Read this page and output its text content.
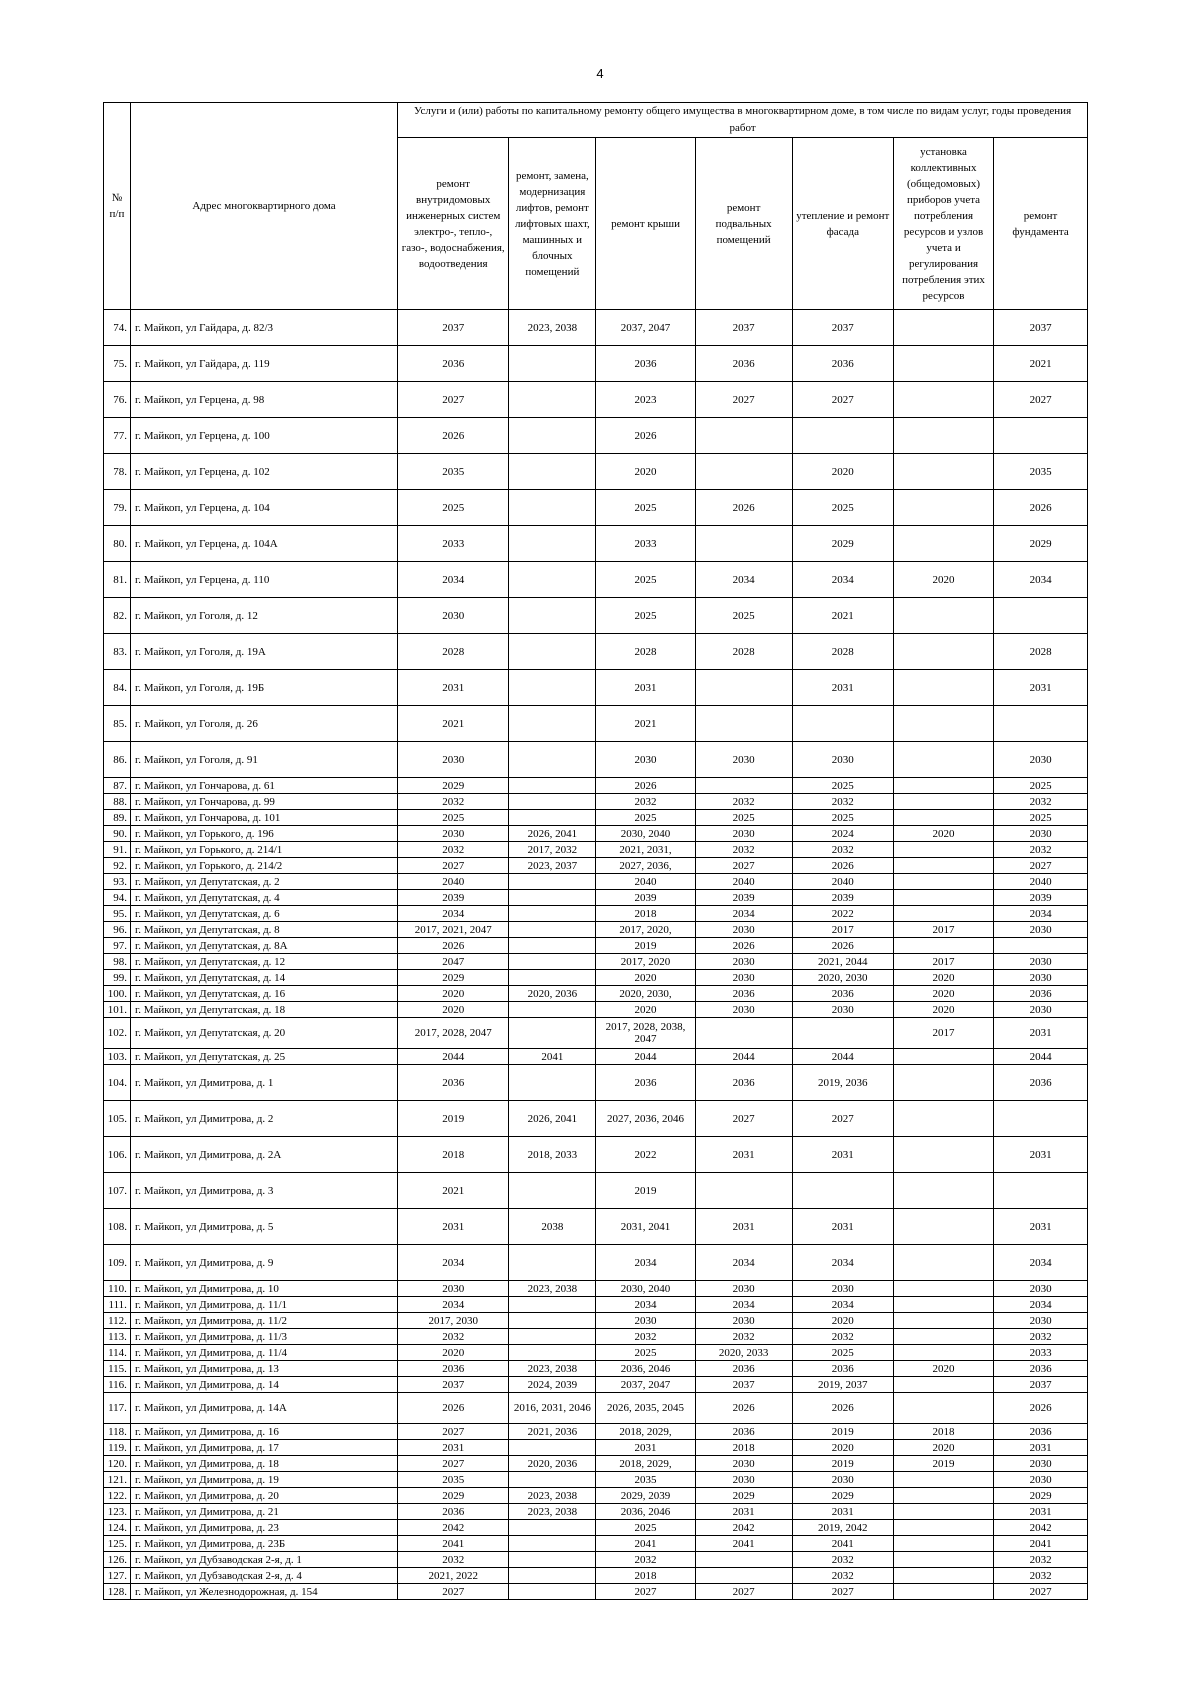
4
№ п/п	Адрес многоквартирного дома	Услуги и (или) работы по капитальному ремонту общего имущества в многоквартирном доме, в том числе по видам услуг, годы проведения работ						
		ремонт внутридомовых инженерных систем электро-, тепло-, газо-, водоснабжения, водоотведения	ремонт, замена, модернизация лифтов, ремонт лифтовых шахт, машинных и блочных помещений	ремонт крыши	ремонт подвальных помещений	утепление и ремонт фасада	установка коллективных (общедомовых) приборов учета потребления ресурсов и узлов учета и регулирования потребления этих ресурсов	ремонт фундамента
74.	г. Майкоп, ул Гайдара, д. 82/3	2037	2023, 2038	2037, 2047	2037	2037		2037
75.	г. Майкоп, ул Гайдара, д. 119	2036		2036	2036	2036		2021
76.	г. Майкоп, ул Герцена, д. 98	2027		2023	2027	2027		2027
77.	г. Майкоп, ул Герцена, д. 100	2026		2026				
78.	г. Майкоп, ул Герцена, д. 102	2035		2020		2020		2035
79.	г. Майкоп, ул Герцена, д. 104	2025		2025	2026	2025		2026
80.	г. Майкоп, ул Герцена, д. 104А	2033		2033		2029		2029
81.	г. Майкоп, ул Герцена, д. 110	2034		2025	2034	2034	2020	2034
82.	г. Майкоп, ул Гоголя, д. 12	2030		2025	2025	2021		
83.	г. Майкоп, ул Гоголя, д. 19А	2028		2028	2028	2028		2028
84.	г. Майкоп, ул Гоголя, д. 19Б	2031		2031		2031		2031
85.	г. Майкоп, ул Гоголя, д. 26	2021		2021				
86.	г. Майкоп, ул Гоголя, д. 91	2030		2030	2030	2030		2030
87.	г. Майкоп, ул Гончарова, д. 61	2029		2026		2025		2025
88.	г. Майкоп, ул Гончарова, д. 99	2032		2032	2032	2032		2032
89.	г. Майкоп, ул Гончарова, д. 101	2025		2025	2025	2025		2025
90.	г. Майкоп, ул Горького, д. 196	2030	2026, 2041	2030, 2040	2030	2024	2020	2030
91.	г. Майкоп, ул Горького, д. 214/1	2032	2017, 2032	2021, 2031,	2032	2032		2032
92.	г. Майкоп, ул Горького, д. 214/2	2027	2023, 2037	2027, 2036,	2027	2026		2027
93.	г. Майкоп, ул Депутатская, д. 2	2040		2040	2040	2040		2040
94.	г. Майкоп, ул Депутатская, д. 4	2039		2039	2039	2039		2039
95.	г. Майкоп, ул Депутатская, д. 6	2034		2018	2034	2022		2034
96.	г. Майкоп, ул Депутатская, д. 8	2017, 2021, 2047		2017, 2020,	2030	2017	2017	2030
97.	г. Майкоп, ул Депутатская, д. 8А	2026		2019	2026	2026		
98.	г. Майкоп, ул Депутатская, д. 12	2047		2017, 2020	2030	2021, 2044	2017	2030
99.	г. Майкоп, ул Депутатская, д. 14	2029		2020	2030	2020, 2030	2020	2030
100.	г. Майкоп, ул Депутатская, д. 16	2020	2020, 2036	2020, 2030,	2036	2036	2020	2036
101.	г. Майкоп, ул Депутатская, д. 18	2020		2020	2030	2030	2020	2030
102.	г. Майкоп, ул Депутатская, д. 20	2017, 2028, 2047		2017, 2028, 2038, 2047			2017	2031
103.	г. Майкоп, ул Депутатская, д. 25	2044	2041	2044	2044	2044		2044
104.	г. Майкоп, ул Димитрова, д. 1	2036		2036	2036	2019, 2036		2036
105.	г. Майкоп, ул Димитрова, д. 2	2019	2026, 2041	2027, 2036, 2046	2027	2027		
106.	г. Майкоп, ул Димитрова, д. 2А	2018	2018, 2033	2022	2031	2031		2031
107.	г. Майкоп, ул Димитрова, д. 3	2021		2019				
108.	г. Майкоп, ул Димитрова, д. 5	2031	2038	2031, 2041	2031	2031		2031
109.	г. Майкоп, ул Димитрова, д. 9	2034		2034	2034	2034		2034
110.	г. Майкоп, ул Димитрова, д. 10	2030	2023, 2038	2030, 2040	2030	2030		2030
111.	г. Майкоп, ул Димитрова, д. 11/1	2034		2034	2034	2034		2034
112.	г. Майкоп, ул Димитрова, д. 11/2	2017, 2030		2030	2030	2020		2030
113.	г. Майкоп, ул Димитрова, д. 11/3	2032		2032	2032	2032		2032
114.	г. Майкоп, ул Димитрова, д. 11/4	2020		2025	2020, 2033	2025		2033
115.	г. Майкоп, ул Димитрова, д. 13	2036	2023, 2038	2036, 2046	2036	2036	2020	2036
116.	г. Майкоп, ул Димитрова, д. 14	2037	2024, 2039	2037, 2047	2037	2019, 2037		2037
117.	г. Майкоп, ул Димитрова, д. 14А	2026	2016, 2031, 2046	2026, 2035, 2045	2026	2026		2026
118.	г. Майкоп, ул Димитрова, д. 16	2027	2021, 2036	2018, 2029,	2036	2019	2018	2036
119.	г. Майкоп, ул Димитрова, д. 17	2031		2031	2018	2020	2020	2031
120.	г. Майкоп, ул Димитрова, д. 18	2027	2020, 2036	2018, 2029,	2030	2019	2019	2030
121.	г. Майкоп, ул Димитрова, д. 19	2035		2035	2030	2030		2030
122.	г. Майкоп, ул Димитрова, д. 20	2029	2023, 2038	2029, 2039	2029	2029		2029
123.	г. Майкоп, ул Димитрова, д. 21	2036	2023, 2038	2036, 2046	2031	2031		2031
124.	г. Майкоп, ул Димитрова, д. 23	2042		2025	2042	2019, 2042		2042
125.	г. Майкоп, ул Димитрова, д. 23Б	2041		2041	2041	2041		2041
126.	г. Майкоп, ул Дубзаводская 2-я, д. 1	2032		2032		2032		2032
127.	г. Майкоп, ул Дубзаводская 2-я, д. 4	2021, 2022		2018		2032		2032
128.	г. Майкоп, ул Железнодорожная, д. 154	2027		2027	2027	2027		2027
